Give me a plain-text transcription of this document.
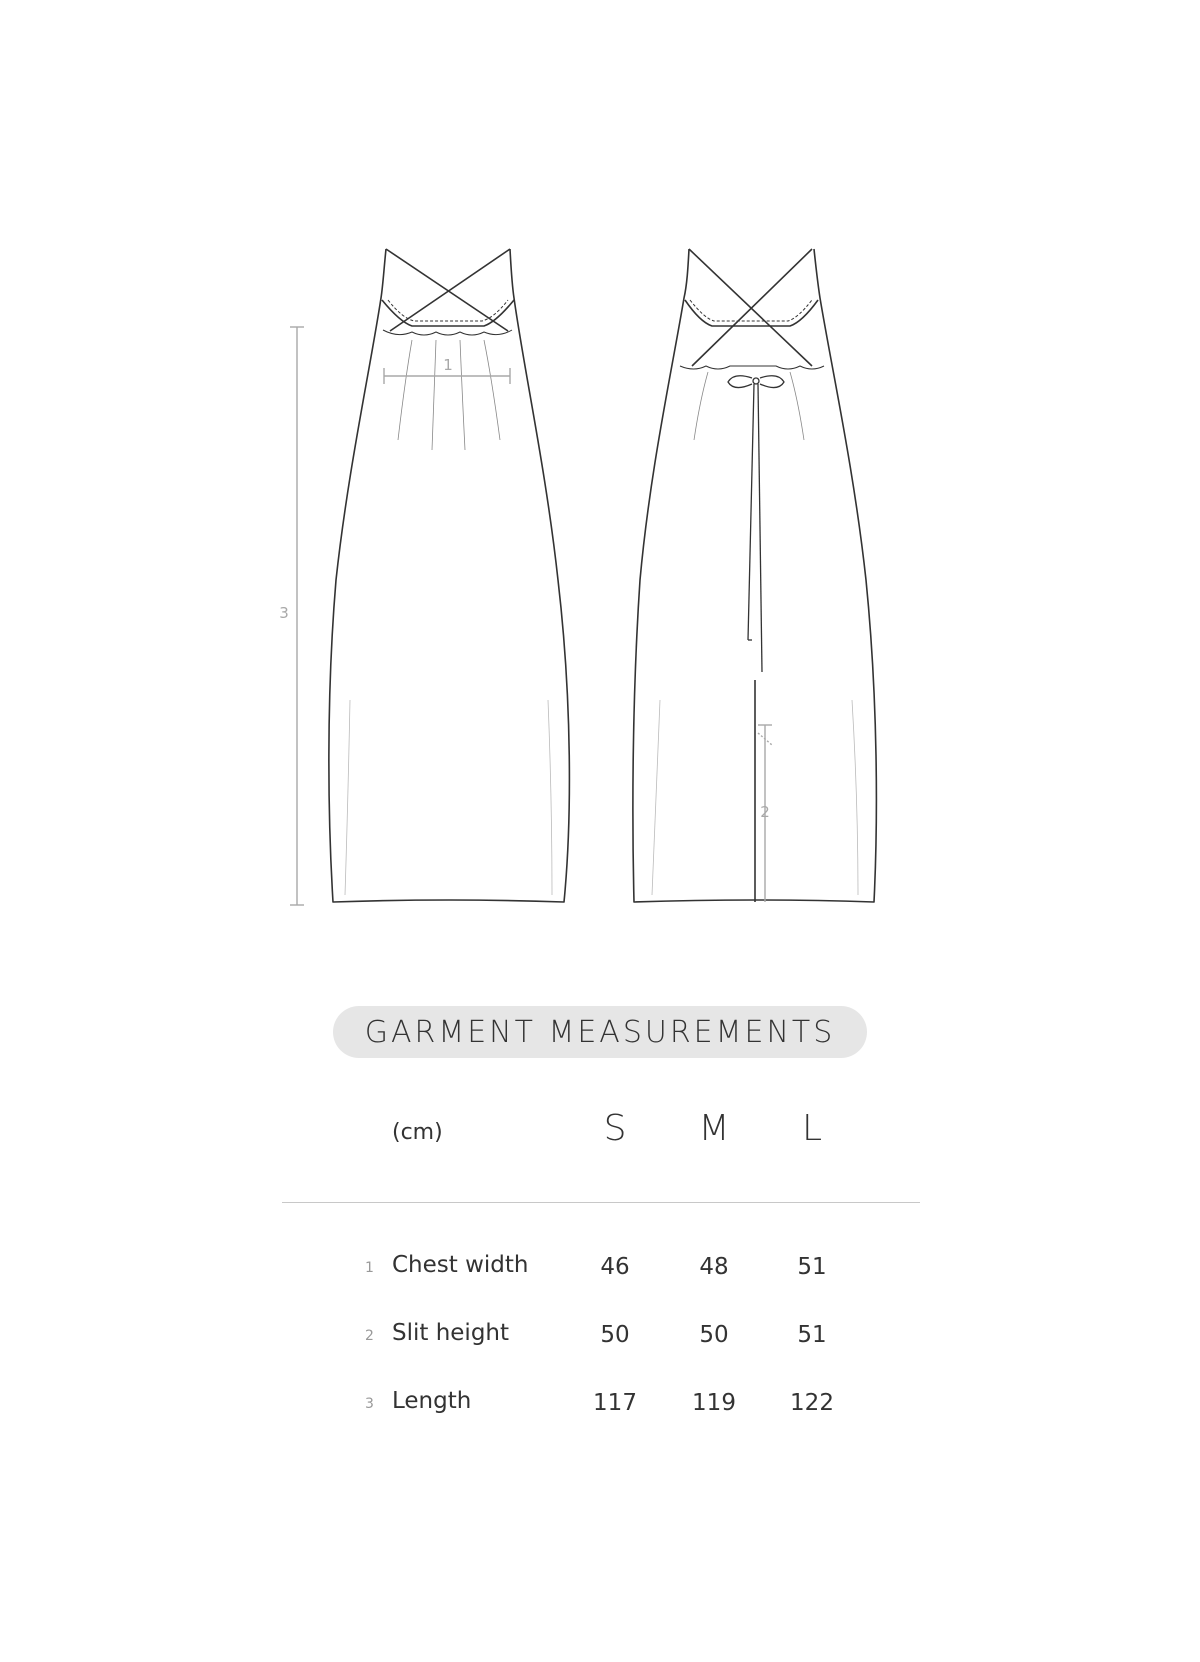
1
3
2
GARMENT MEASUREMENTS
(cm)	S	M	L
1 Chest width	46	48	51
2 Slit height	50	50	51
3 Length	117	119	122
